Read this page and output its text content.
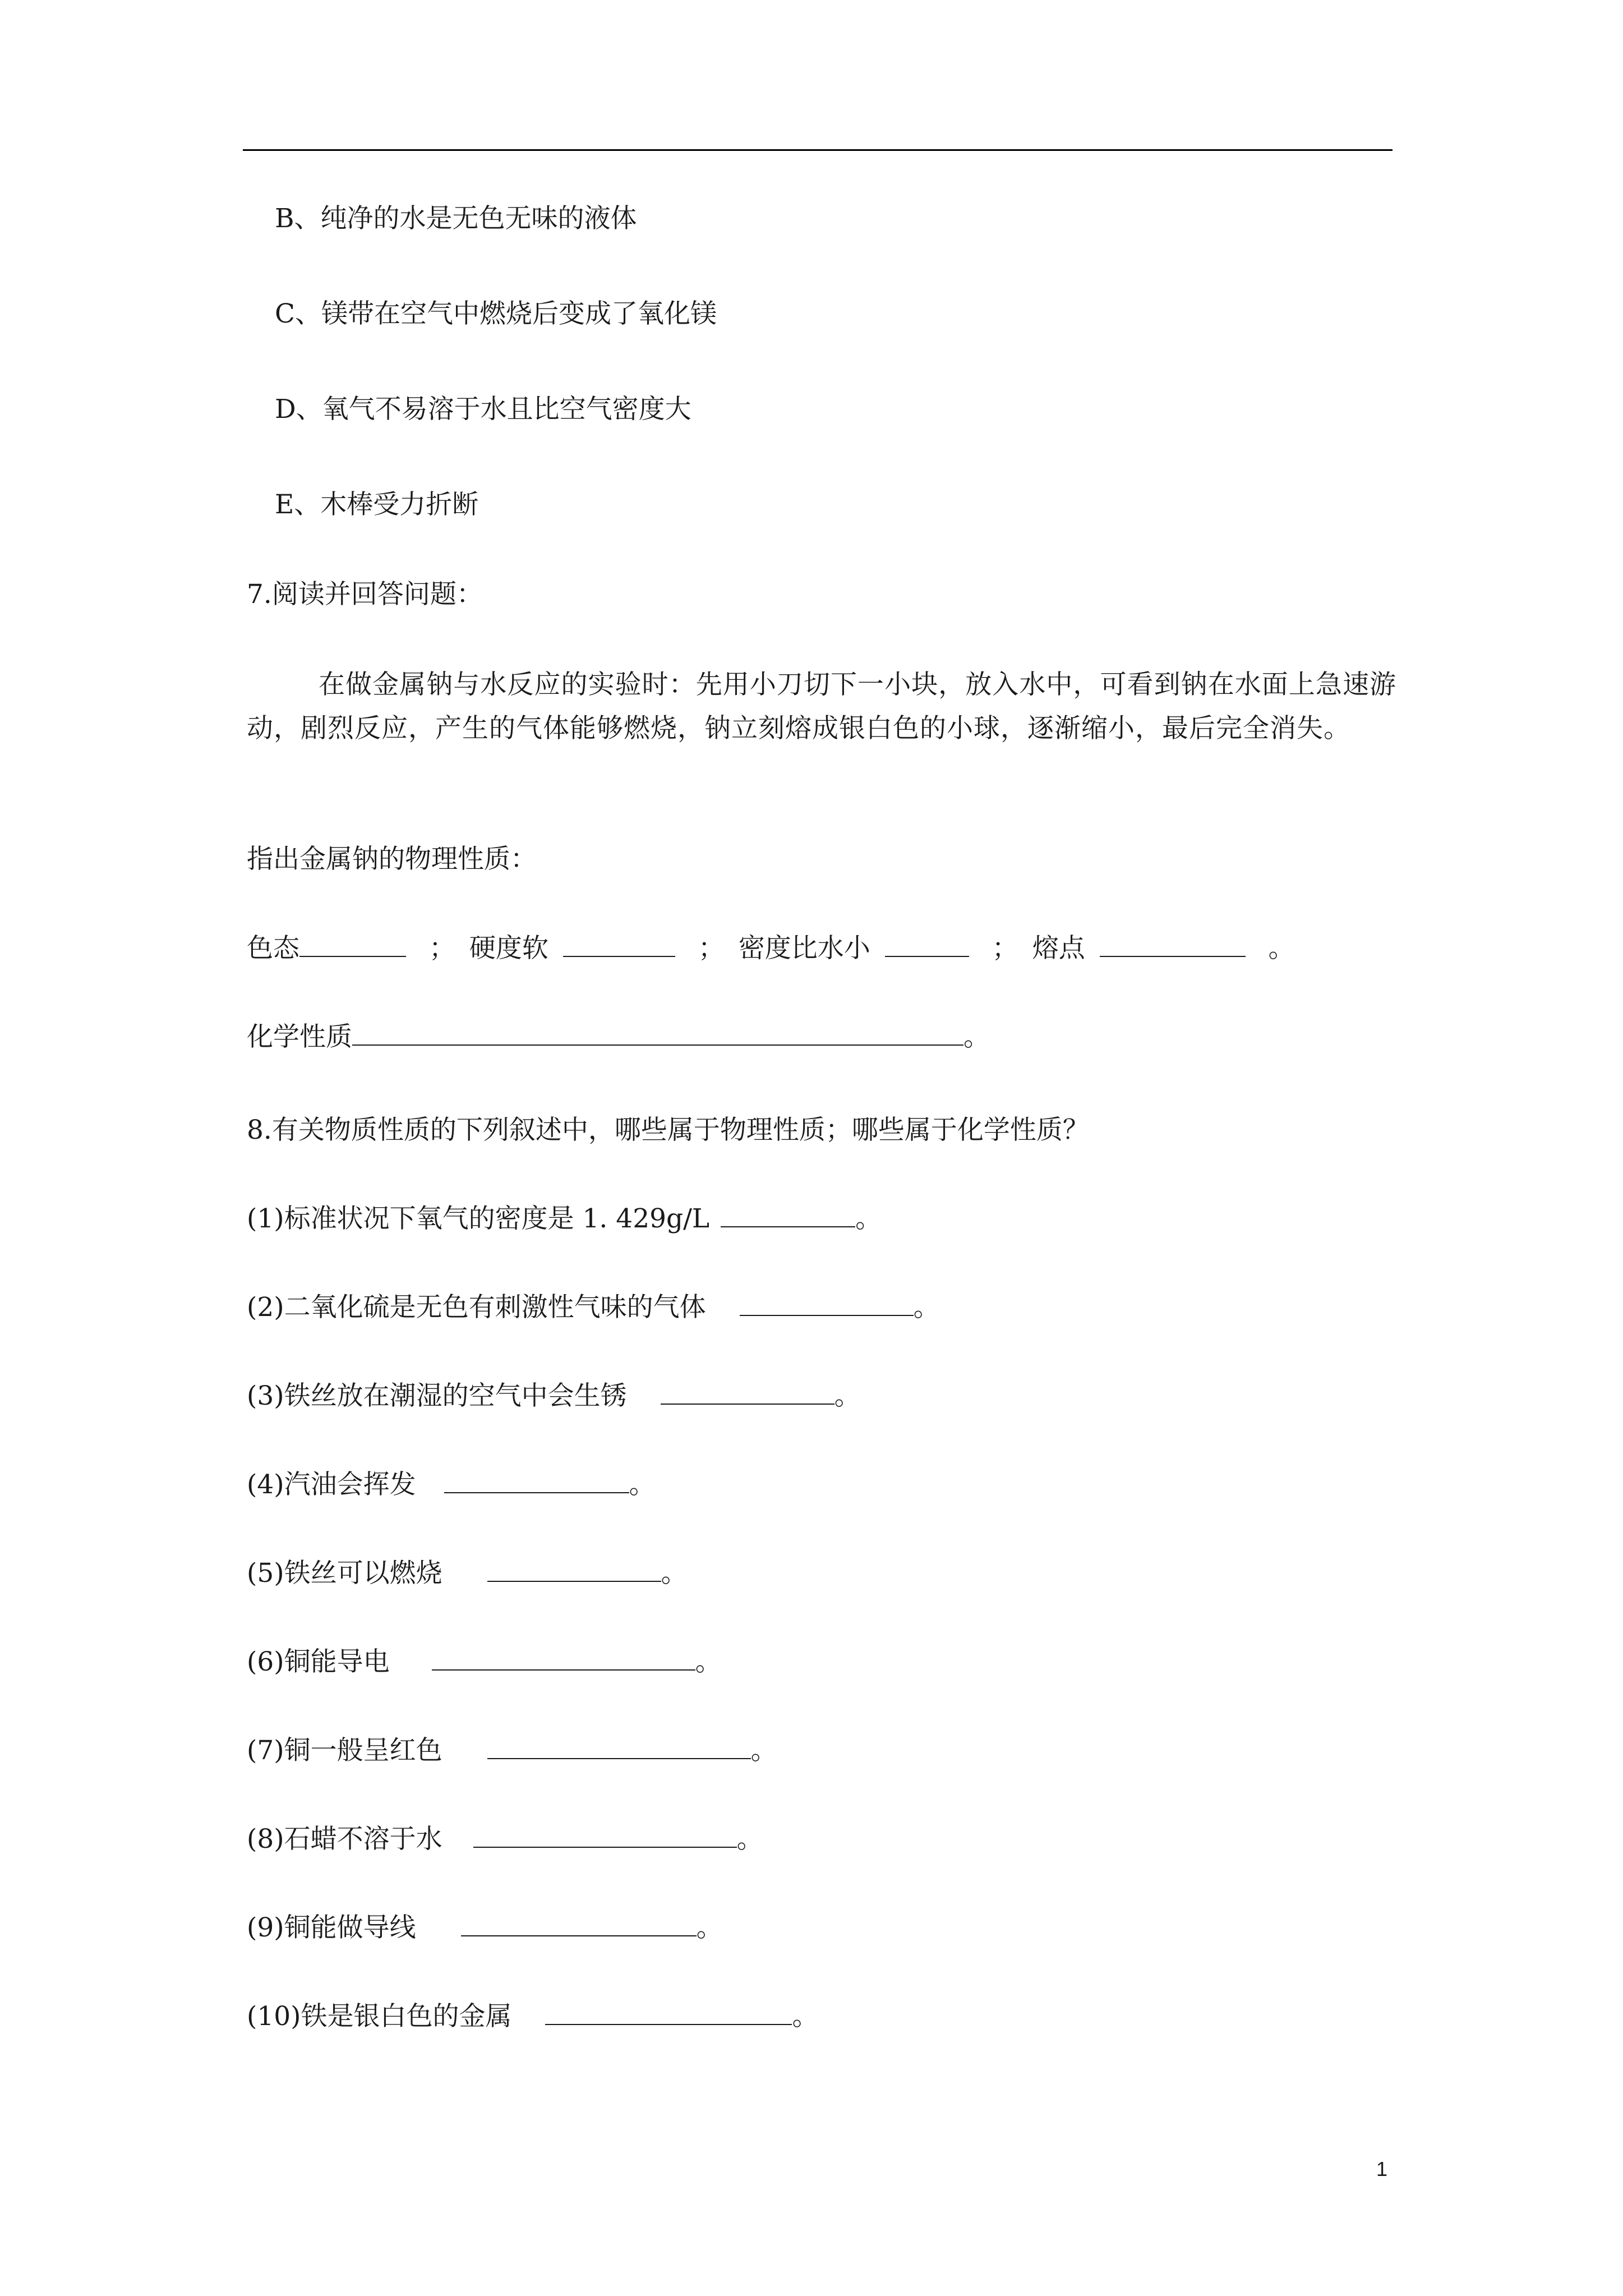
B、纯净的水是无色无味的液体
C、镁带在空气中燃烧后变成了氧化镁
D、氧气不易溶于水且比空气密度大
E、木棒受力折断
7.阅读并回答问题：
在做金属钠与水反应的实验时：先用小刀切下一小块，放入水中，可看到钠在水面上急速游动，剧烈反应，产生的气体能够燃烧，钠立刻熔成银白色的小球，逐渐缩小，最后完全消失。
指出金属钠的物理性质：
色态	； 硬度软	； 密度比水小	； 熔点	。
化学性质	。
8.有关物质性质的下列叙述中，哪些属于物理性质；哪些属于化学性质？
(1)标准状况下氧气的密度是 1. 429g/L	。
(2)二氧化硫是无色有刺激性气味的气体	。
(3)铁丝放在潮湿的空气中会生锈	。
(4)汽油会挥发	。
(5)铁丝可以燃烧	。
(6)铜能导电	。
(7)铜一般呈红色	。
(8)石蜡不溶于水	。
(9)铜能做导线	。
(10)铁是银白色的金属	。
1
